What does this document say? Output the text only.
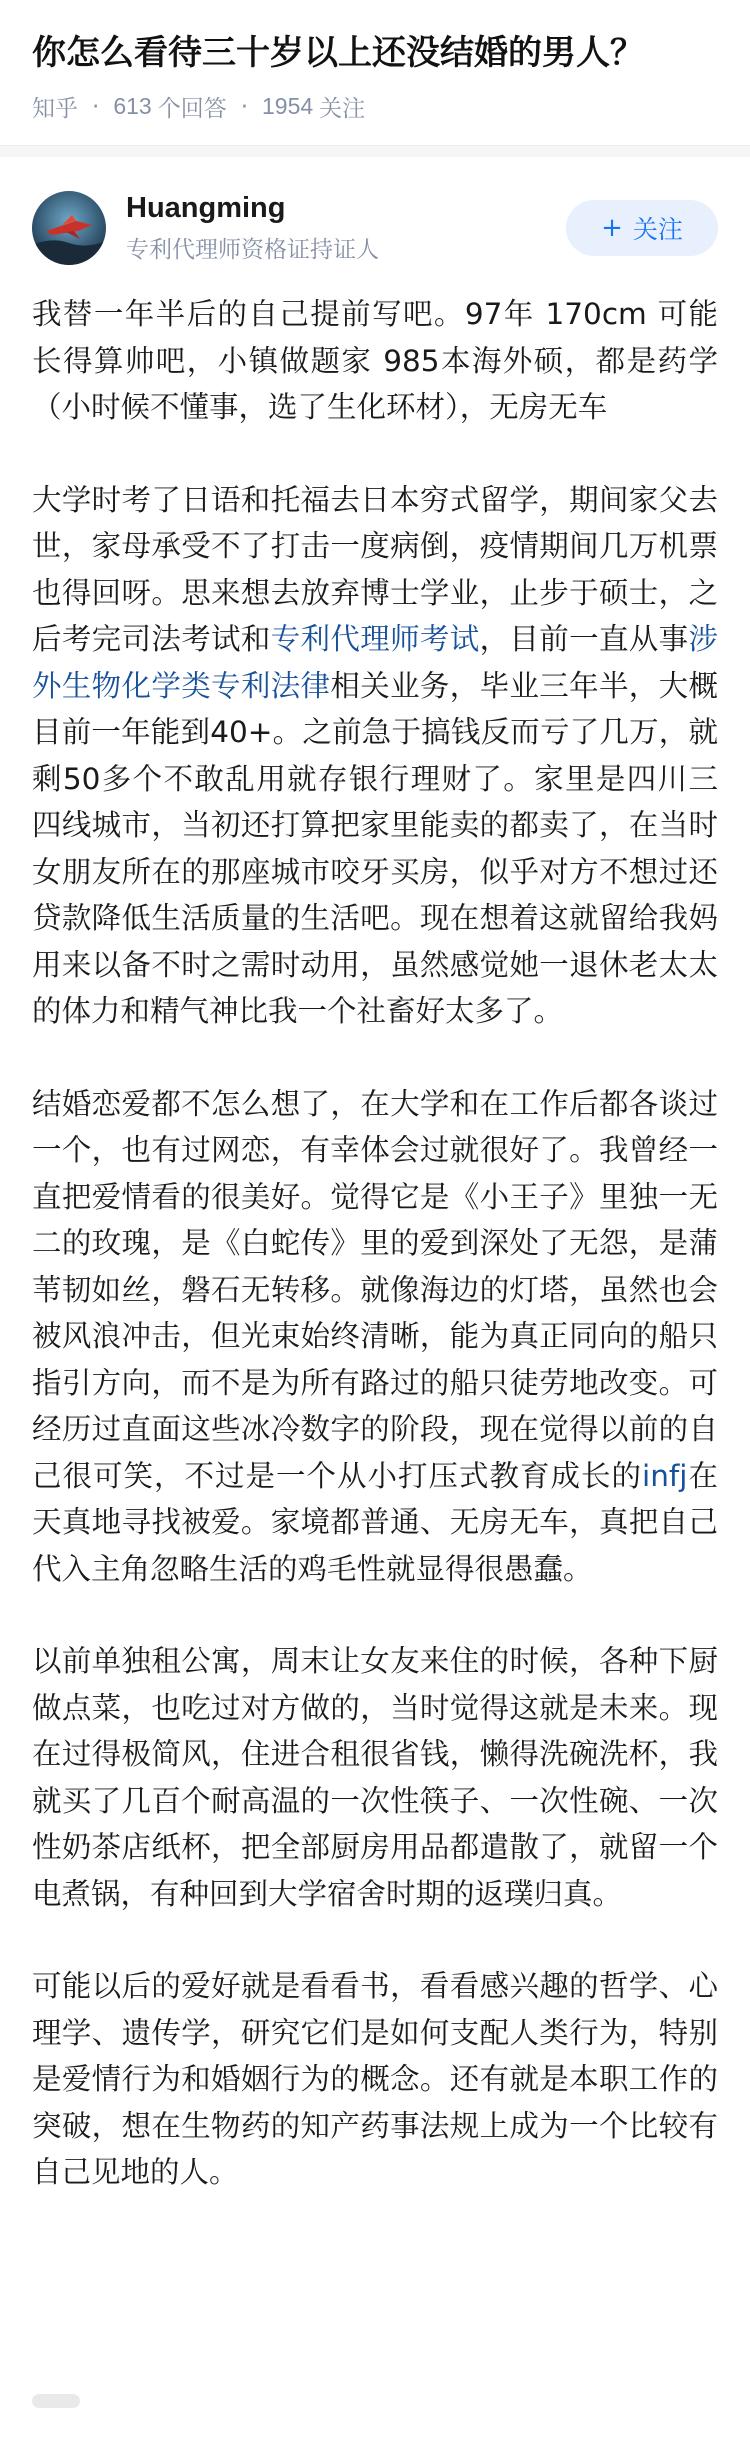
你怎么看待三十岁以上还没结婚的男人？
知乎 · 613 个回答 · 1954 关注
Huangming
专利代理师资格证持证人
+ 关注

我替一年半后的自己提前写吧。97年 170cm 可能长得算帅吧，小镇做题家 985本海外硕，都是药学（小时候不懂事，选了生化环材），无房无车

大学时考了日语和托福去日本穷式留学，期间家父去世，家母承受不了打击一度病倒，疫情期间几万机票也得回呀。思来想去放弃博士学业，止步于硕士，之后考完司法考试和专利代理师考试，目前一直从事涉外生物化学类专利法律相关业务，毕业三年半，大概目前一年能到40+。之前急于搞钱反而亏了几万，就剩50多个不敢乱用就存银行理财了。家里是四川三四线城市，当初还打算把家里能卖的都卖了，在当时女朋友所在的那座城市咬牙买房，似乎对方不想过还贷款降低生活质量的生活吧。现在想着这就留给我妈用来以备不时之需时动用，虽然感觉她一退休老太太的体力和精气神比我一个社畜好太多了。

结婚恋爱都不怎么想了，在大学和在工作后都各谈过一个，也有过网恋，有幸体会过就很好了。我曾经一直把爱情看的很美好。觉得它是《小王子》里独一无二的玫瑰，是《白蛇传》里的爱到深处了无怨，是蒲苇韧如丝，磐石无转移。就像海边的灯塔，虽然也会被风浪冲击，但光束始终清晰，能为真正同向的船只指引方向，而不是为所有路过的船只徒劳地改变。可经历过直面这些冰冷数字的阶段，现在觉得以前的自己很可笑，不过是一个从小打压式教育成长的infj在天真地寻找被爱。家境都普通、无房无车，真把自己代入主角忽略生活的鸡毛性就显得很愚蠢。

以前单独租公寓，周末让女友来住的时候，各种下厨做点菜，也吃过对方做的，当时觉得这就是未来。现在过得极简风，住进合租很省钱，懒得洗碗洗杯，我就买了几百个耐高温的一次性筷子、一次性碗、一次性奶茶店纸杯，把全部厨房用品都遣散了，就留一个电煮锅，有种回到大学宿舍时期的返璞归真。

可能以后的爱好就是看看书，看看感兴趣的哲学、心理学、遗传学，研究它们是如何支配人类行为，特别是爱情行为和婚姻行为的概念。还有就是本职工作的突破，想在生物药的知产药事法规上成为一个比较有自己见地的人。
